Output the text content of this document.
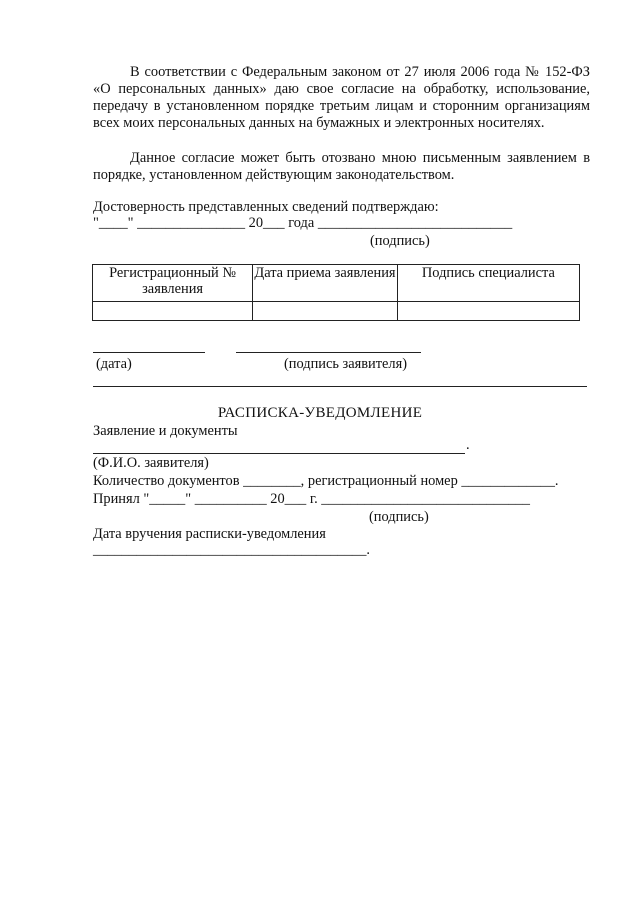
В соответствии с Федеральным законом от 27 июля 2006 года № 152-ФЗ «О персональных данных» даю свое согласие на обработку, использование, передачу в установленном порядке третьим лицам и сторонним организациям всех моих персональных данных на бумажных и электронных носителях.

Данное согласие может быть отозвано мною письменным заявлением в порядке, установленном действующим законодательством.

Достоверность представленных сведений подтверждаю:
"____" _______________ 20___ года ___________________________
(подпись)
Регистрационный № заявления	Дата приема заявления	Подпись специалиста

(дата)	(подпись заявителя)
РАСПИСКА-УВЕДОМЛЕНИЕ
Заявление и документы
.
(Ф.И.О. заявителя)
Количество документов ________, регистрационный номер _____________.
Принял "_____" __________ 20___ г. _____________________________
(подпись)
Дата вручения расписки-уведомления
______________________________________.
